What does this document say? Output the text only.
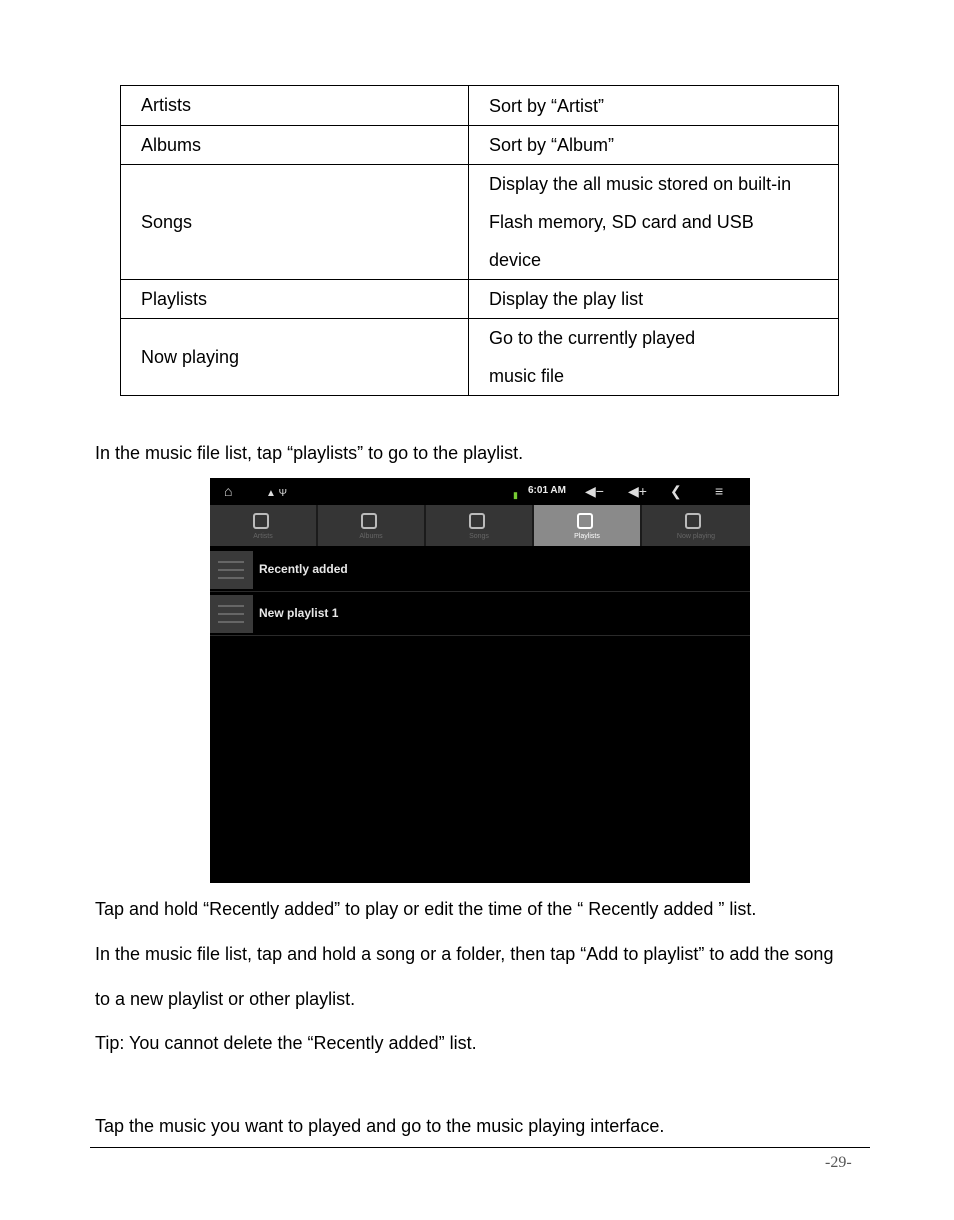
Artists	Sort by “Artist”
Albums	Sort by “Album”
Songs	Display the all music stored on built-in
Flash memory, SD card and USB
device

Playlists	Display the play list
Now playing	Go to the currently played
music file
In the music file list, tap “playlists” to go to the playlist.
⌂	▲ Ψ	▮ 6:01 AM ◀− ◀+ ❮ ≡
Artists	Albums	Songs	Playlists	Now playing
Recently added
New playlist 1
Tap and hold “Recently added” to play or edit the time of the “ Recently added ” list.
In the music file list, tap and hold a song or a folder, then tap “Add to playlist” to add the song
to a new playlist or other playlist.
Tip: You cannot delete the “Recently added” list.
Tap the music you want to played and go to the music playing interface.
-29-
